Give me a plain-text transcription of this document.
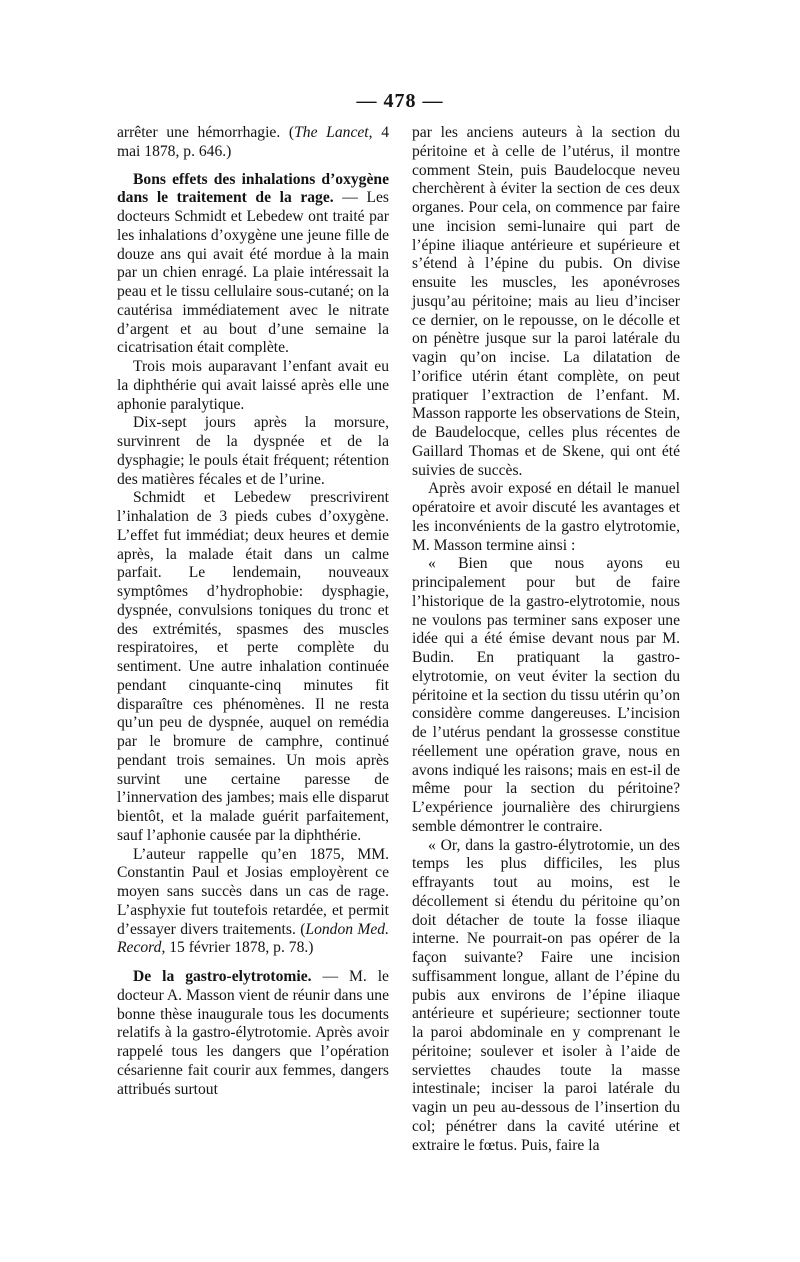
— 478 —

arrêter une hémorrhagie. (The Lancet, 4 mai 1878, p. 646.)

Bons effets des inhalations d’oxygène dans le traitement de la rage. — Les docteurs Schmidt et Lebedew ont traité par les inhalations d’oxygène une jeune fille de douze ans qui avait été mordue à la main par un chien enragé. La plaie intéressait la peau et le tissu cellulaire sous-cutané; on la cautérisa immédiatement avec le nitrate d’argent et au bout d’une semaine la cicatrisation était complète.

Trois mois auparavant l’enfant avait eu la diphthérie qui avait laissé après elle une aphonie paralytique.

Dix-sept jours après la morsure, survinrent de la dyspnée et de la dysphagie; le pouls était fréquent; rétention des matières fécales et de l’urine.

Schmidt et Lebedew prescrivirent l’inhalation de 3 pieds cubes d’oxygène. L’effet fut immédiat; deux heures et demie après, la malade était dans un calme parfait. Le lendemain, nouveaux symptômes d’hydrophobie: dysphagie, dyspnée, convulsions toniques du tronc et des extrémités, spasmes des muscles respiratoires, et perte complète du sentiment. Une autre inhalation continuée pendant cinquante-cinq minutes fit disparaître ces phénomènes. Il ne resta qu’un peu de dyspnée, auquel on remédia par le bromure de camphre, continué pendant trois semaines. Un mois après survint une certaine paresse de l’innervation des jambes; mais elle disparut bientôt, et la malade guérit parfaitement, sauf l’aphonie causée par la diphthérie.

L’auteur rappelle qu’en 1875, MM. Constantin Paul et Josias employèrent ce moyen sans succès dans un cas de rage. L’asphyxie fut toutefois retardée, et permit d’essayer divers traitements. (London Med. Record, 15 février 1878, p. 78.)

De la gastro-elytrotomie. — M. le docteur A. Masson vient de réunir dans une bonne thèse inaugurale tous les documents relatifs à la gastro-élytrotomie. Après avoir rappelé tous les dangers que l’opération césarienne fait courir aux femmes, dangers attribués surtout

par les anciens auteurs à la section du péritoine et à celle de l’utérus, il montre comment Stein, puis Baudelocque neveu cherchèrent à éviter la section de ces deux organes. Pour cela, on commence par faire une incision semi-lunaire qui part de l’épine iliaque antérieure et supérieure et s’étend à l’épine du pubis. On divise ensuite les muscles, les aponévroses jusqu’au péritoine; mais au lieu d’inciser ce dernier, on le repousse, on le décolle et on pénètre jusque sur la paroi latérale du vagin qu’on incise. La dilatation de l’orifice utérin étant complète, on peut pratiquer l’extraction de l’enfant. M. Masson rapporte les observations de Stein, de Baudelocque, celles plus récentes de Gaillard Thomas et de Skene, qui ont été suivies de succès.

Après avoir exposé en détail le manuel opératoire et avoir discuté les avantages et les inconvénients de la gastro elytrotomie, M. Masson termine ainsi :

« Bien que nous ayons eu principalement pour but de faire l’historique de la gastro-elytrotomie, nous ne voulons pas terminer sans exposer une idée qui a été émise devant nous par M. Budin. En pratiquant la gastro-elytrotomie, on veut éviter la section du péritoine et la section du tissu utérin qu’on considère comme dangereuses. L’incision de l’utérus pendant la grossesse constitue réellement une opération grave, nous en avons indiqué les raisons; mais en est-il de même pour la section du péritoine? L’expérience journalière des chirurgiens semble démontrer le contraire.

« Or, dans la gastro-élytrotomie, un des temps les plus difficiles, les plus effrayants tout au moins, est le décollement si étendu du péritoine qu’on doit détacher de toute la fosse iliaque interne. Ne pourrait-on pas opérer de la façon suivante? Faire une incision suffisamment longue, allant de l’épine du pubis aux environs de l’épine iliaque antérieure et supérieure; sectionner toute la paroi abdominale en y comprenant le péritoine; soulever et isoler à l’aide de serviettes chaudes toute la masse intestinale; inciser la paroi latérale du vagin un peu au-dessous de l’insertion du col; pénétrer dans la cavité utérine et extraire le fœtus. Puis, faire la
